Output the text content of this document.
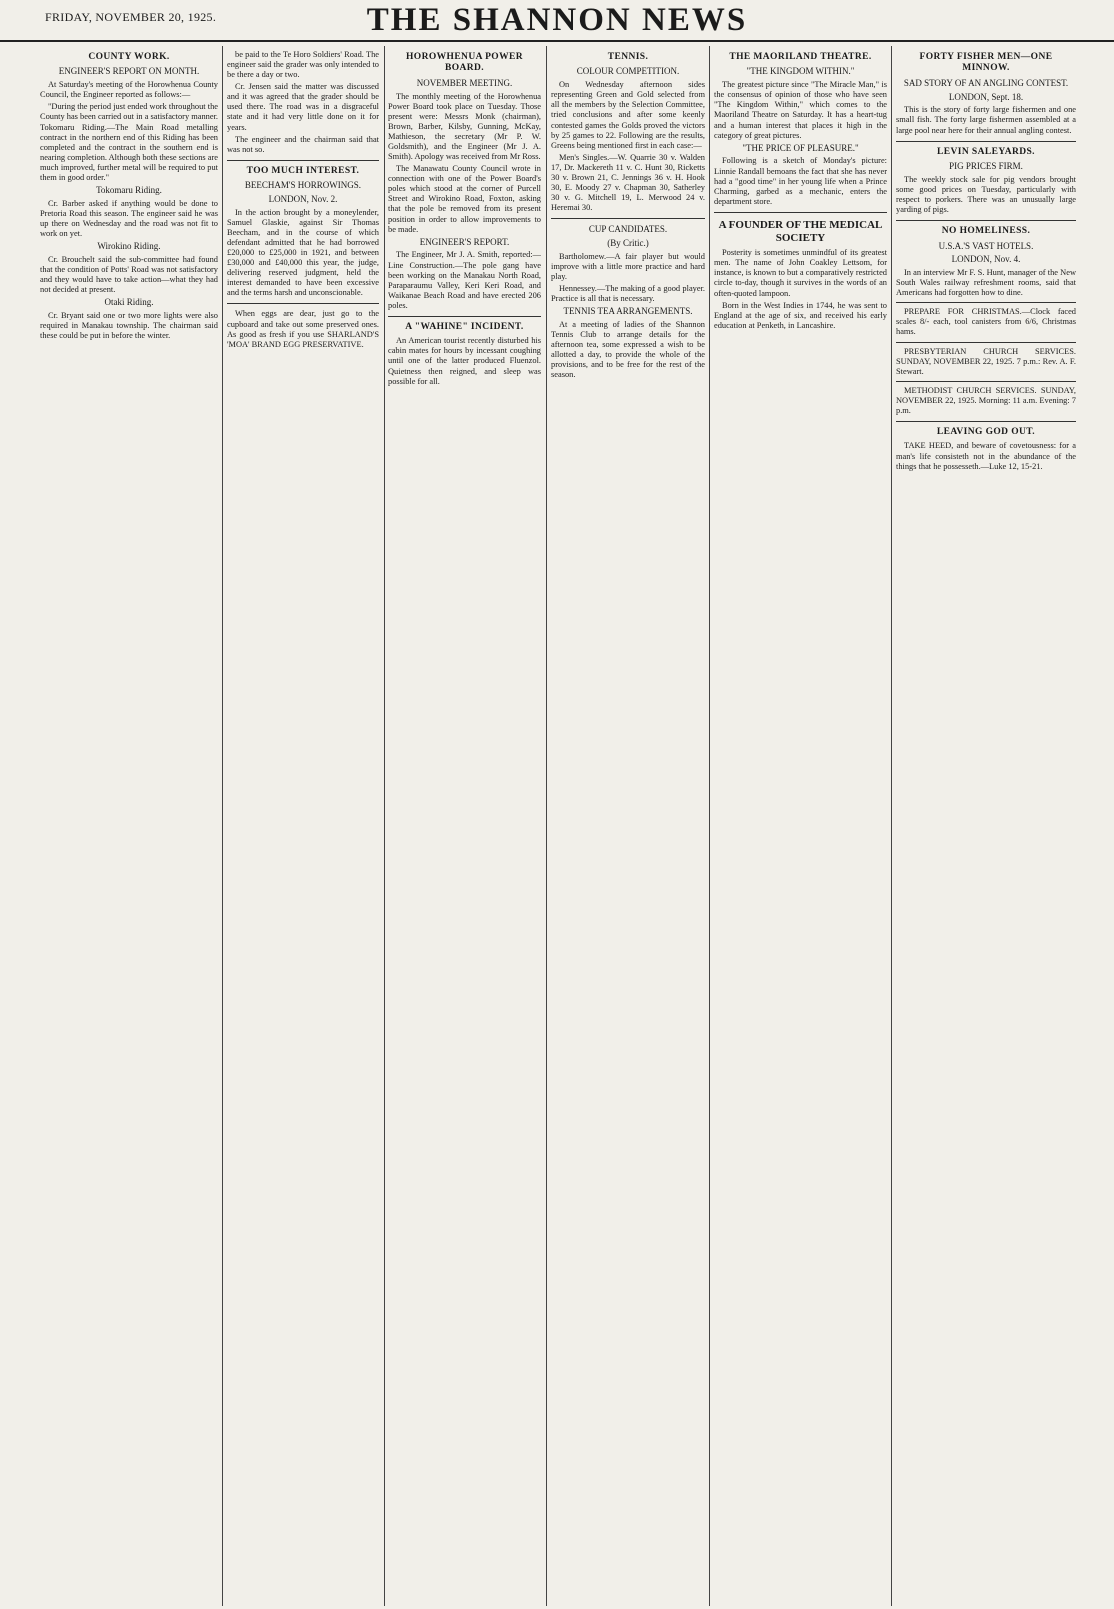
FRIDAY, NOVEMBER 20, 1925.	THE SHANNON NEWS
COUNTY WORK.
ENGINEER'S REPORT ON MONTH.

At Saturday's meeting of the Horowhenua County Council, the Engineer reported as follows:—

"During the period just ended work throughout the County has been carried out in a satisfactory manner. Tokomaru Riding.—The Main Road metalling contract in the northern end of this Riding has been completed and the contract in the southern end is nearing completion. Although both these sections are much improved, further metal will be required to put them in good order."

Tokomaru Riding.

Cr. Barber asked if anything would be done to Pretoria Road this season. The engineer said he was up there on Wednesday and the road was not fit to work on yet.

Wirokino Riding.

Cr. Brouchelt said the sub-committee had found that the condition of Potts' Road was not satisfactory and they would have to take action—what they had not decided at present.

Otaki Riding.

Cr. Bryant said one or two more lights were also required in Manakau township. The chairman said these could be put in before the winter.

be paid to the Te Horo Soldiers' Road. The engineer said the grader was only intended to be there a day or two.

Cr. Jensen said the matter was discussed and it was agreed that the grader should be used there. The road was in a disgraceful state and it had very little done on it for years.

The engineer and the chairman said that was not so.

TOO MUCH INTEREST.
BEECHAM'S HORROWINGS.
LONDON, Nov. 2.

In the action brought by a moneylender, Samuel Glaskie, against Sir Thomas Beecham, and in the course of which defendant admitted that he had borrowed £20,000 to £25,000 in 1921, and between £30,000 and £40,000 this year, the judge, delivering reserved judgment, held the interest demanded to have been excessive and the terms harsh and unconscionable.

When eggs are dear, just go to the cupboard and take out some preserved ones. As good as fresh if you use SHARLAND'S 'MOA' BRAND EGG PRESERVATIVE.

HOROWHENUA POWER BOARD.
NOVEMBER MEETING.

The monthly meeting of the Horowhenua Power Board took place on Tuesday. Those present were: Messrs Monk (chairman), Brown, Barber, Kilsby, Gunning, McKay, Mathieson, the secretary (Mr P. W. Goldsmith), and the Engineer (Mr J. A. Smith). Apology was received from Mr Ross.

The Manawatu County Council wrote in connection with one of the Power Board's poles which stood at the corner of Purcell Street and Wirokino Road, Foxton, asking that the pole be removed from its present position in order to allow improvements to be made.

ENGINEER'S REPORT.

The Engineer, Mr J. A. Smith, reported:— Line Construction.—The pole gang have been working on the Manakau North Road, Paraparaumu Valley, Keri Keri Road, and Waikanae Beach Road and have erected 206 poles.

A "WAHINE" INCIDENT.

An American tourist recently disturbed his cabin mates for hours by incessant coughing until one of the latter produced Fluenzol. Quietness then reigned, and sleep was possible for all.

TENNIS.
COLOUR COMPETITION.

On Wednesday afternoon sides representing Green and Gold selected from all the members by the Selection Committee, tried conclusions and after some keenly contested games the Golds proved the victors by 25 games to 22. Following are the results, Greens being mentioned first in each case:—

Men's Singles.—W. Quarrie 30 v. Walden 17, Dr. Mackereth 11 v. C. Hunt 30, Ricketts 30 v. Brown 21, C. Jennings 36 v. H. Hook 30, E. Moody 27 v. Chapman 30, Satherley 30 v. G. Mitchell 19, L. Merwood 24 v. Heremai 30.

CUP CANDIDATES.
(By Critic.)

Bartholomew.—A fair player but would improve with a little more practice and hard play.

Hennessey.—The making of a good player. Practice is all that is necessary.

TENNIS TEA ARRANGEMENTS.

At a meeting of ladies of the Shannon Tennis Club to arrange details for the afternoon tea, some expressed a wish to be allotted a day, to provide the whole of the provisions, and to be free for the rest of the season.

THE MAORILAND THEATRE.
"THE KINGDOM WITHIN."

The greatest picture since "The Miracle Man," is the consensus of opinion of those who have seen "The Kingdom Within," which comes to the Maoriland Theatre on Saturday. It has a heart-tug and a human interest that places it high in the category of great pictures.

"THE PRICE OF PLEASURE."

Following is a sketch of Monday's picture: Linnie Randall bemoans the fact that she has never had a "good time" in her young life when a Prince Charming, garbed as a mechanic, enters the department store.

A FOUNDER OF THE MEDICAL SOCIETY

Posterity is sometimes unmindful of its greatest men. The name of John Coakley Lettsom, for instance, is known to but a comparatively restricted circle to-day, though it survives in the words of an often-quoted lampoon.

Born in the West Indies in 1744, he was sent to England at the age of six, and received his early education at Penketh, in Lancashire.

FORTY FISHER MEN—ONE MINNOW.
SAD STORY OF AN ANGLING CONTEST.
LONDON, Sept. 18.

This is the story of forty large fishermen and one small fish. The forty large fishermen assembled at a large pool near here for their annual angling contest.

LEVIN SALEYARDS.
PIG PRICES FIRM.

The weekly stock sale for pig vendors brought some good prices on Tuesday, particularly with respect to porkers. There was an unusually large yarding of pigs.

NO HOMELINESS.
U.S.A.'S VAST HOTELS.
LONDON, Nov. 4.

In an interview Mr F. S. Hunt, manager of the New South Wales railway refreshment rooms, said that Americans had forgotten how to dine.

PREPARE FOR CHRISTMAS.—Clock faced scales 8/- each, tool canisters from 6/6, Christmas hams.

PRESBYTERIAN CHURCH SERVICES. SUNDAY, NOVEMBER 22, 1925. 7 p.m.: Rev. A. F. Stewart.

METHODIST CHURCH SERVICES. SUNDAY, NOVEMBER 22, 1925. Morning: 11 a.m. Evening: 7 p.m.

LEAVING GOD OUT.

TAKE HEED, and beware of covetousness: for a man's life consisteth not in the abundance of the things that he possesseth.—Luke 12, 15-21.
